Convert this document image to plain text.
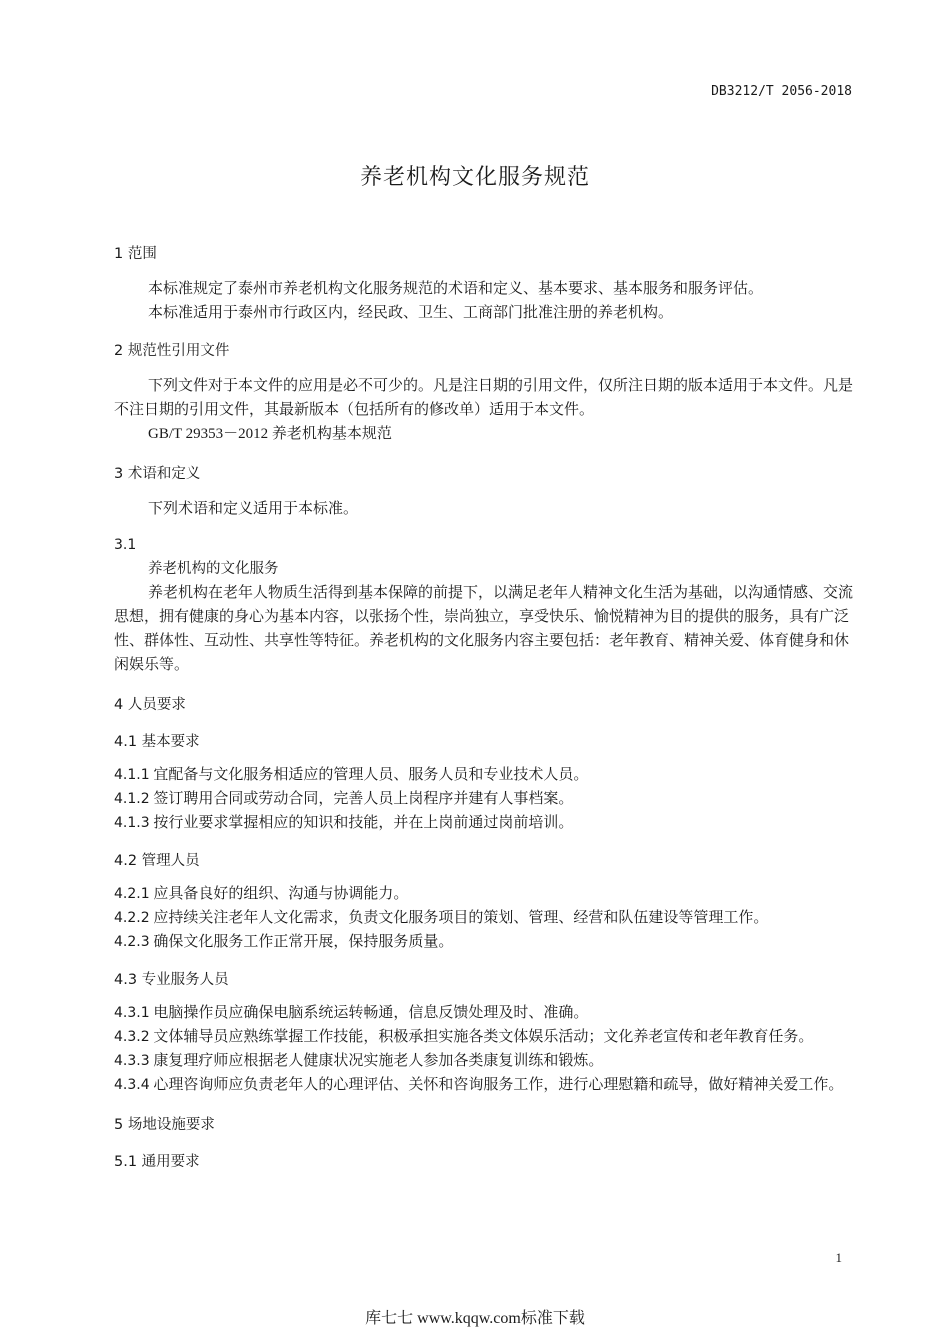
DB3212/T 2056-2018
养老机构文化服务规范
1 范围
本标准规定了泰州市养老机构文化服务规范的术语和定义、基本要求、基本服务和服务评估。
本标准适用于泰州市行政区内，经民政、卫生、工商部门批准注册的养老机构。
2 规范性引用文件
下列文件对于本文件的应用是必不可少的。凡是注日期的引用文件，仅所注日期的版本适用于本文件。凡是不注日期的引用文件，其最新版本（包括所有的修改单）适用于本文件。
GB/T 29353－2012 养老机构基本规范
3 术语和定义
下列术语和定义适用于本标准。
3.1
养老机构的文化服务
养老机构在老年人物质生活得到基本保障的前提下，以满足老年人精神文化生活为基础，以沟通情感、交流思想，拥有健康的身心为基本内容，以张扬个性，崇尚独立，享受快乐、愉悦精神为目的提供的服务，具有广泛性、群体性、互动性、共享性等特征。养老机构的文化服务内容主要包括：老年教育、精神关爱、体育健身和休闲娱乐等。
4 人员要求
4.1 基本要求
4.1.1 宜配备与文化服务相适应的管理人员、服务人员和专业技术人员。
4.1.2 签订聘用合同或劳动合同，完善人员上岗程序并建有人事档案。
4.1.3 按行业要求掌握相应的知识和技能，并在上岗前通过岗前培训。
4.2 管理人员
4.2.1 应具备良好的组织、沟通与协调能力。
4.2.2 应持续关注老年人文化需求，负责文化服务项目的策划、管理、经营和队伍建设等管理工作。
4.2.3 确保文化服务工作正常开展，保持服务质量。
4.3 专业服务人员
4.3.1 电脑操作员应确保电脑系统运转畅通，信息反馈处理及时、准确。
4.3.2 文体辅导员应熟练掌握工作技能，积极承担实施各类文体娱乐活动；文化养老宣传和老年教育任务。
4.3.3 康复理疗师应根据老人健康状况实施老人参加各类康复训练和锻炼。
4.3.4 心理咨询师应负责老年人的心理评估、关怀和咨询服务工作，进行心理慰籍和疏导，做好精神关爱工作。
5 场地设施要求
5.1 通用要求
1
库七七 www.kqqw.com标准下载
